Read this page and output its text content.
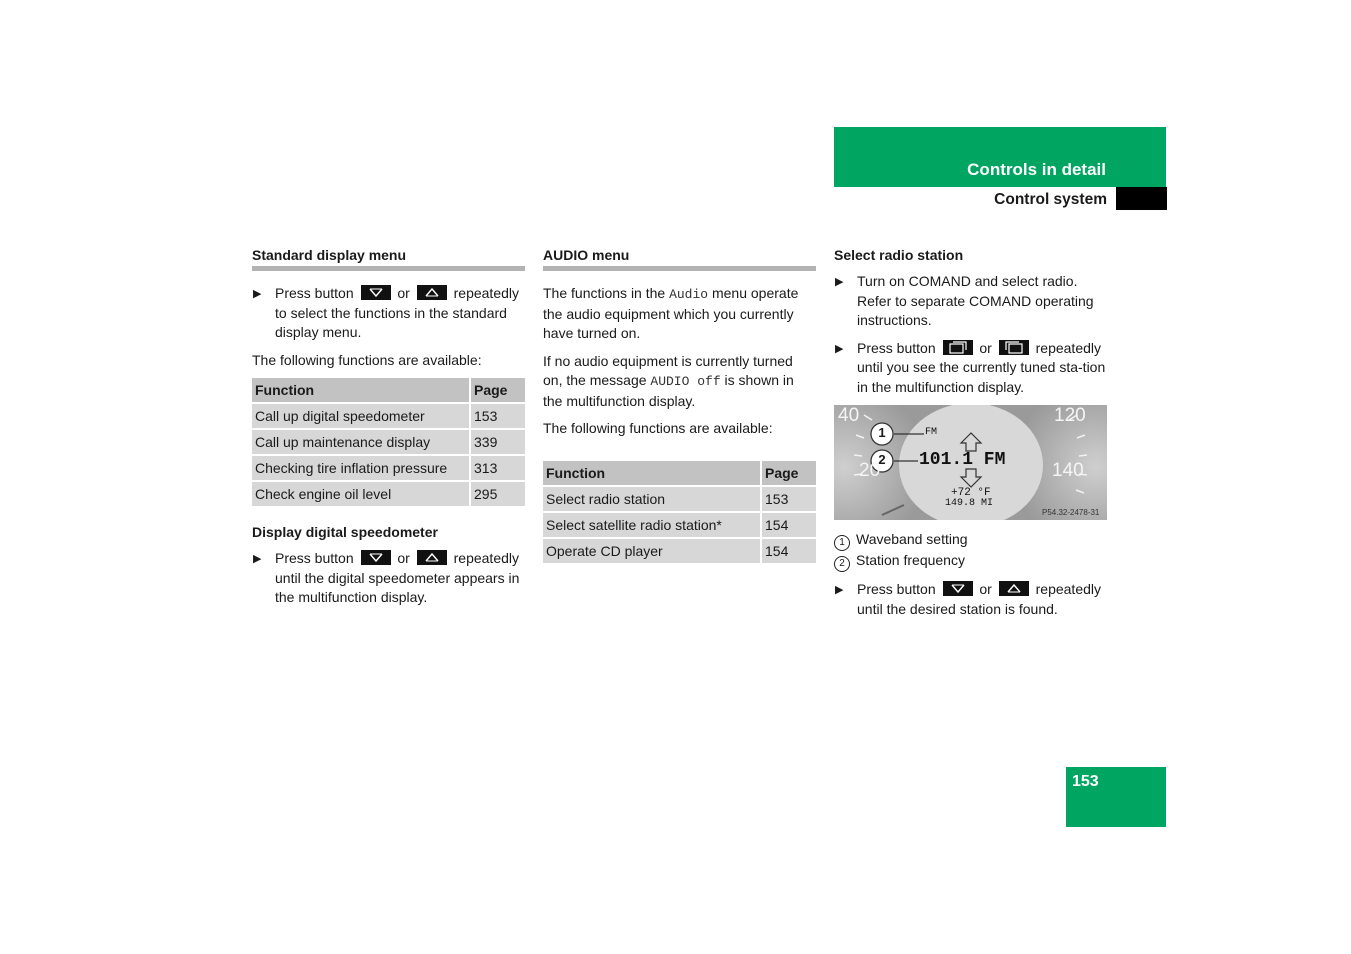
Controls in detail
Control system
Standard display menu
▶ Press button	or	repeatedly to select the functions in the standard display menu.

The following functions are available:

Function	Page
Call up digital speedometer	153
Call up maintenance display	339
Checking tire inflation pressure	313
Check engine oil level	295
Display digital speedometer
▶ Press button	or	repeatedly until the digital speedometer appears in the multifunction display.
AUDIO menu

The functions in the Audio menu operate the audio equipment which you currently have turned on.

If no audio equipment is currently turned on, the message AUDIO off is shown in the multifunction display.

The following functions are available:

Function	Page
Select radio station	153
Select satellite radio station*	154
Operate CD player	154
Select radio station
▶ Turn on COMAND and select radio. Refer to separate COMAND operating instructions.
▶ Press button	or	repeatedly until you see the currently tuned sta-tion in the multifunction display.
40	120
20	140
1
2
FM
101.1 FM
+72 °F
149.8 MI
P54.32-2478-31
1 Waveband setting
2 Station frequency
▶ Press button	or	repeatedly until the desired station is found.
153
